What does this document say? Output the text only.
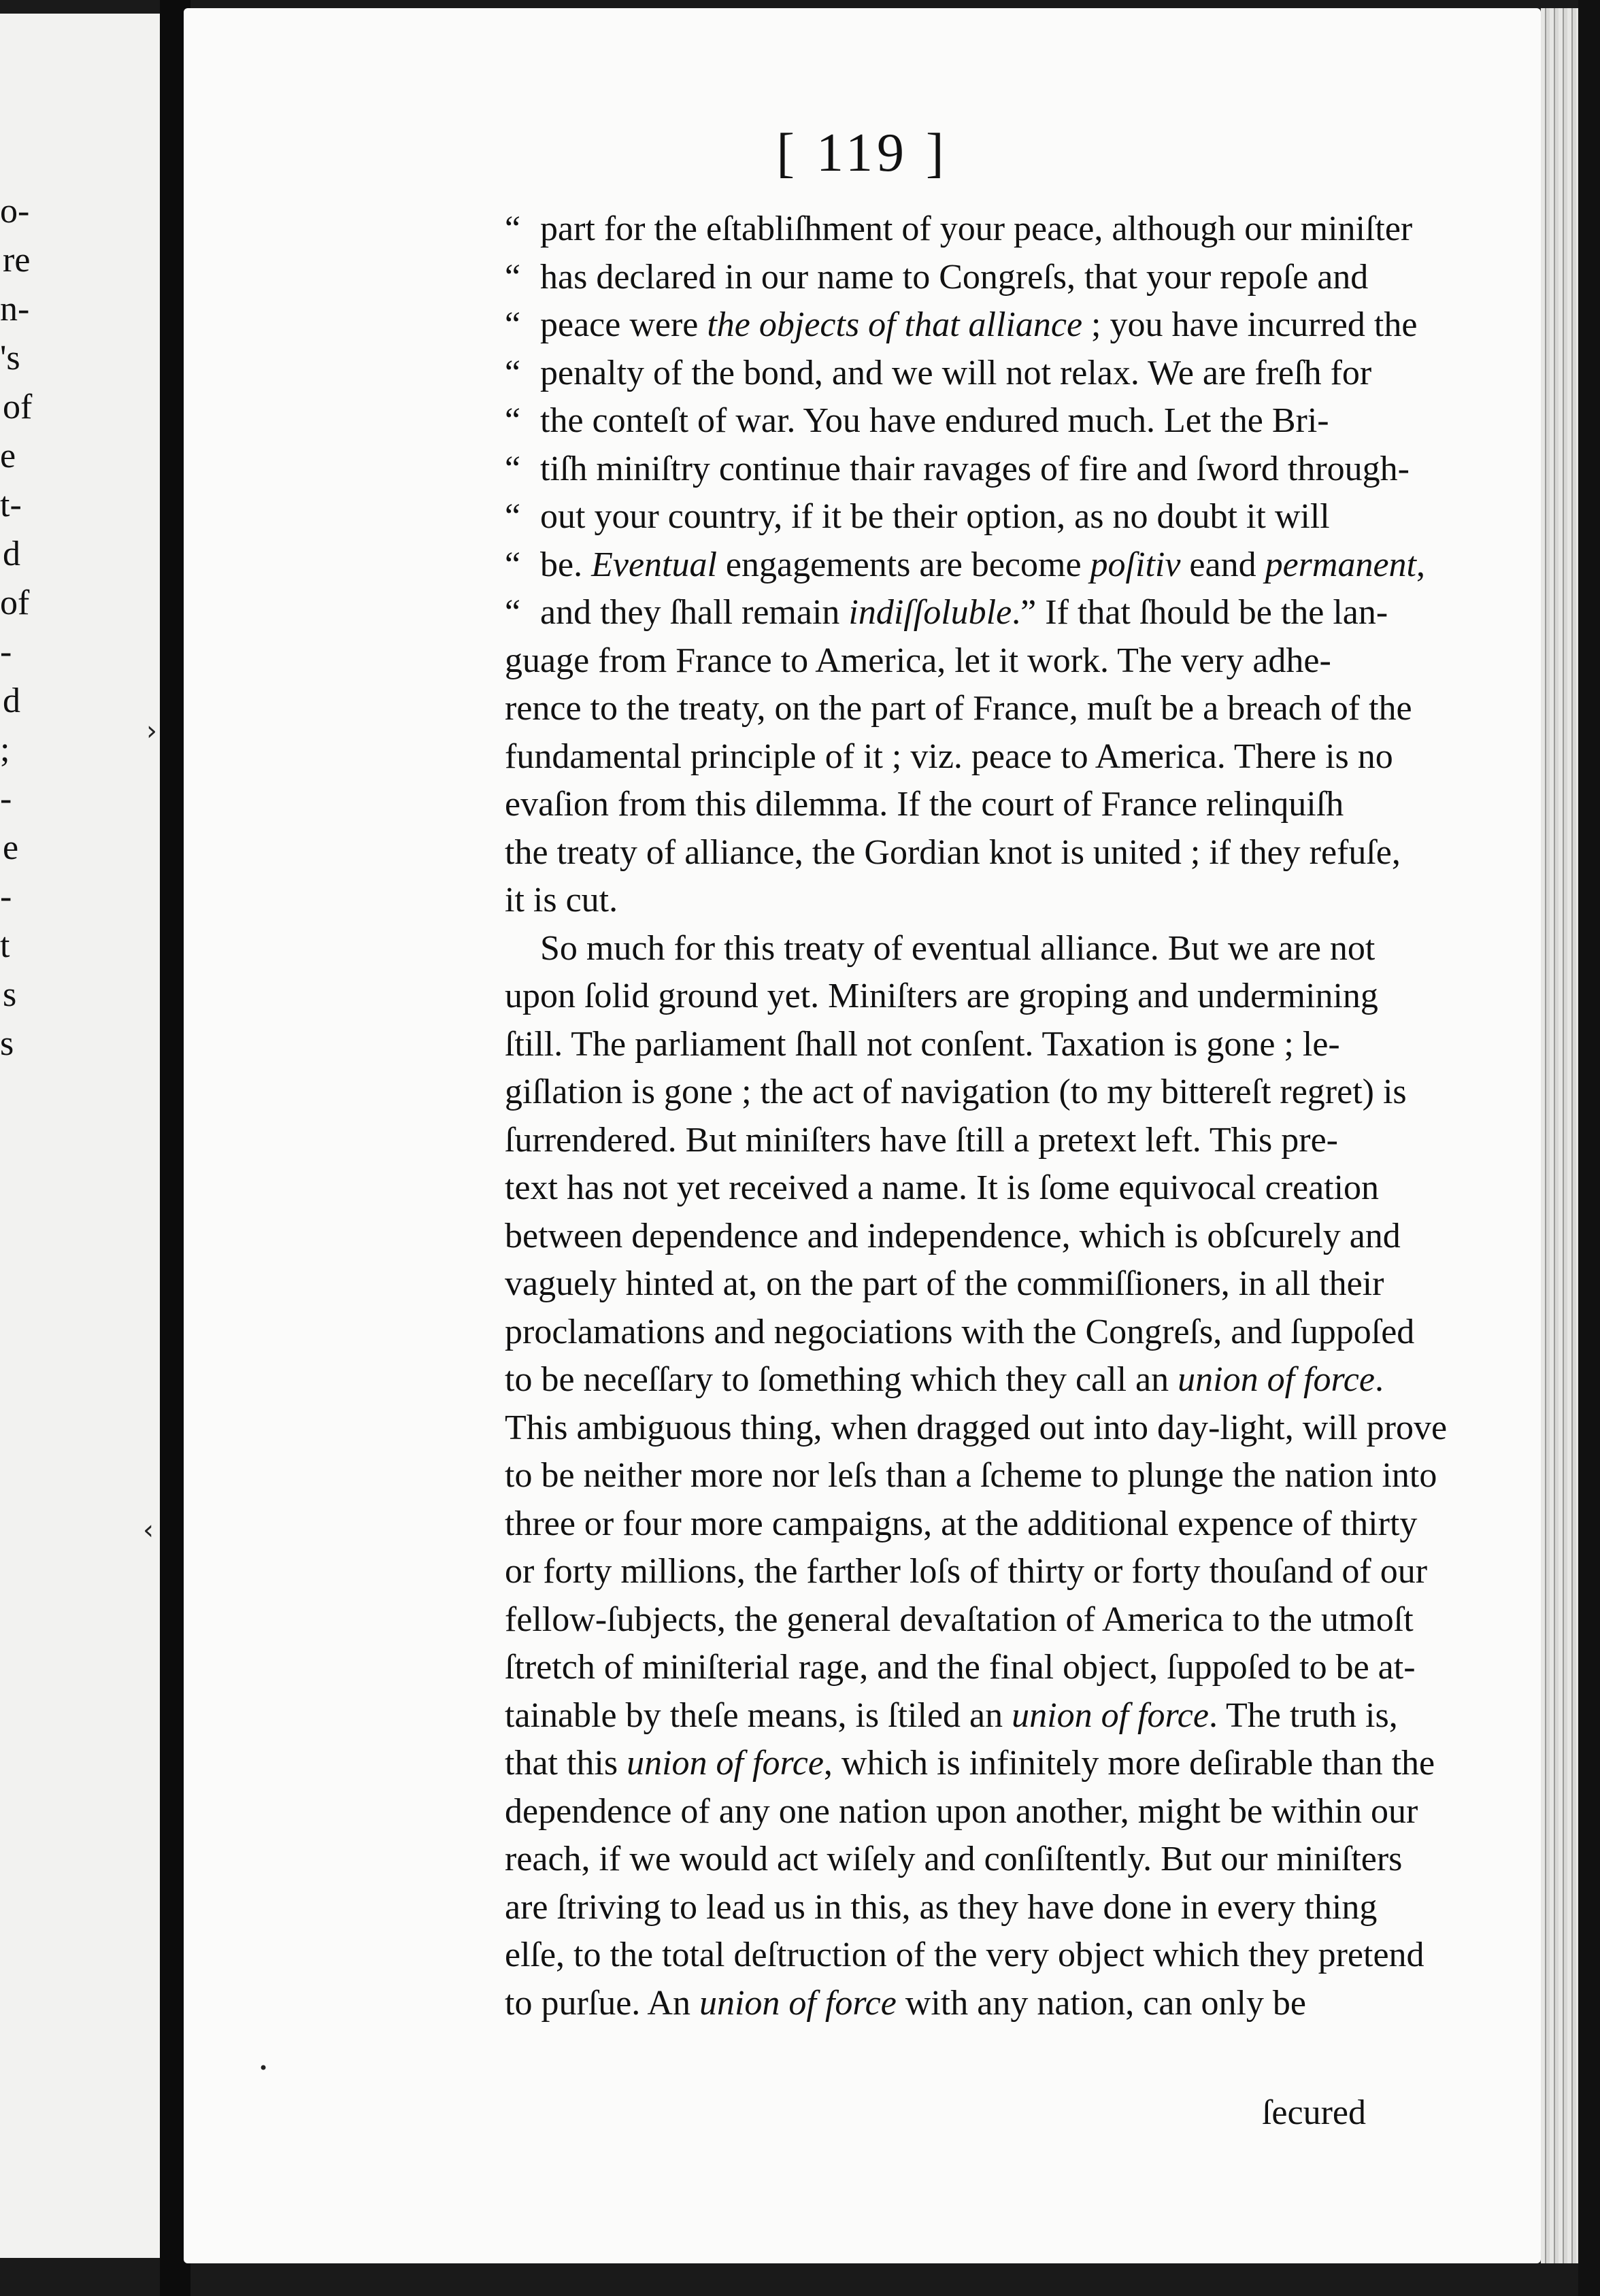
o-
re
n-
's
of
e
t-
d
of
-
d
;
-
e
-
t
s
s
[ 119 ]
“ part for the eſtabliſhment of your peace, although our miniſter
“ has declared in our name to Congreſs, that your repoſe and
“ peace were the objects of that alliance ; you have incurred the
“ penalty of the bond, and we will not relax. We are freſh for
“ the conteſt of war. You have endured much. Let the Bri-
“ tiſh miniſtry continue thair ravages of fire and ſword through-
“ out your country, if it be their option, as no doubt it will
“ be. Eventual engagements are become poſitiv eand permanent,
“ and they ſhall remain indiſſoluble.” If that ſhould be the lan-
guage from France to America, let it work. The very adhe-
rence to the treaty, on the part of France, muſt be a breach of the
fundamental principle of it ; viz. peace to America. There is no
evaſion from this dilemma. If the court of France relinquiſh
the treaty of alliance, the Gordian knot is united ; if they refuſe,
it is cut.
So much for this treaty of eventual alliance. But we are not
upon ſolid ground yet. Miniſters are groping and undermining
ſtill. The parliament ſhall not conſent. Taxation is gone ; le-
giſlation is gone ; the act of navigation (to my bittereſt regret) is
ſurrendered. But miniſters have ſtill a pretext left. This pre-
text has not yet received a name. It is ſome equivocal creation
between dependence and independence, which is obſcurely and
vaguely hinted at, on the part of the commiſſioners, in all their
proclamations and negociations with the Congreſs, and ſuppoſed
to be neceſſary to ſomething which they call an union of force.
This ambiguous thing, when dragged out into day-light, will prove
to be neither more nor leſs than a ſcheme to plunge the nation into
three or four more campaigns, at the additional expence of thirty
or forty millions, the farther loſs of thirty or forty thouſand of our
fellow-ſubjects, the general devaſtation of America to the utmoſt
ſtretch of miniſterial rage, and the final object, ſuppoſed to be at-
tainable by theſe means, is ſtiled an union of force. The truth is,
that this union of force, which is infinitely more deſirable than the
dependence of any one nation upon another, might be within our
reach, if we would act wiſely and conſiſtently. But our miniſters
are ſtriving to lead us in this, as they have done in every thing
elſe, to the total deſtruction of the very object which they pretend
to purſue. An union of force with any nation, can only be
ſecured
›
‹
•
